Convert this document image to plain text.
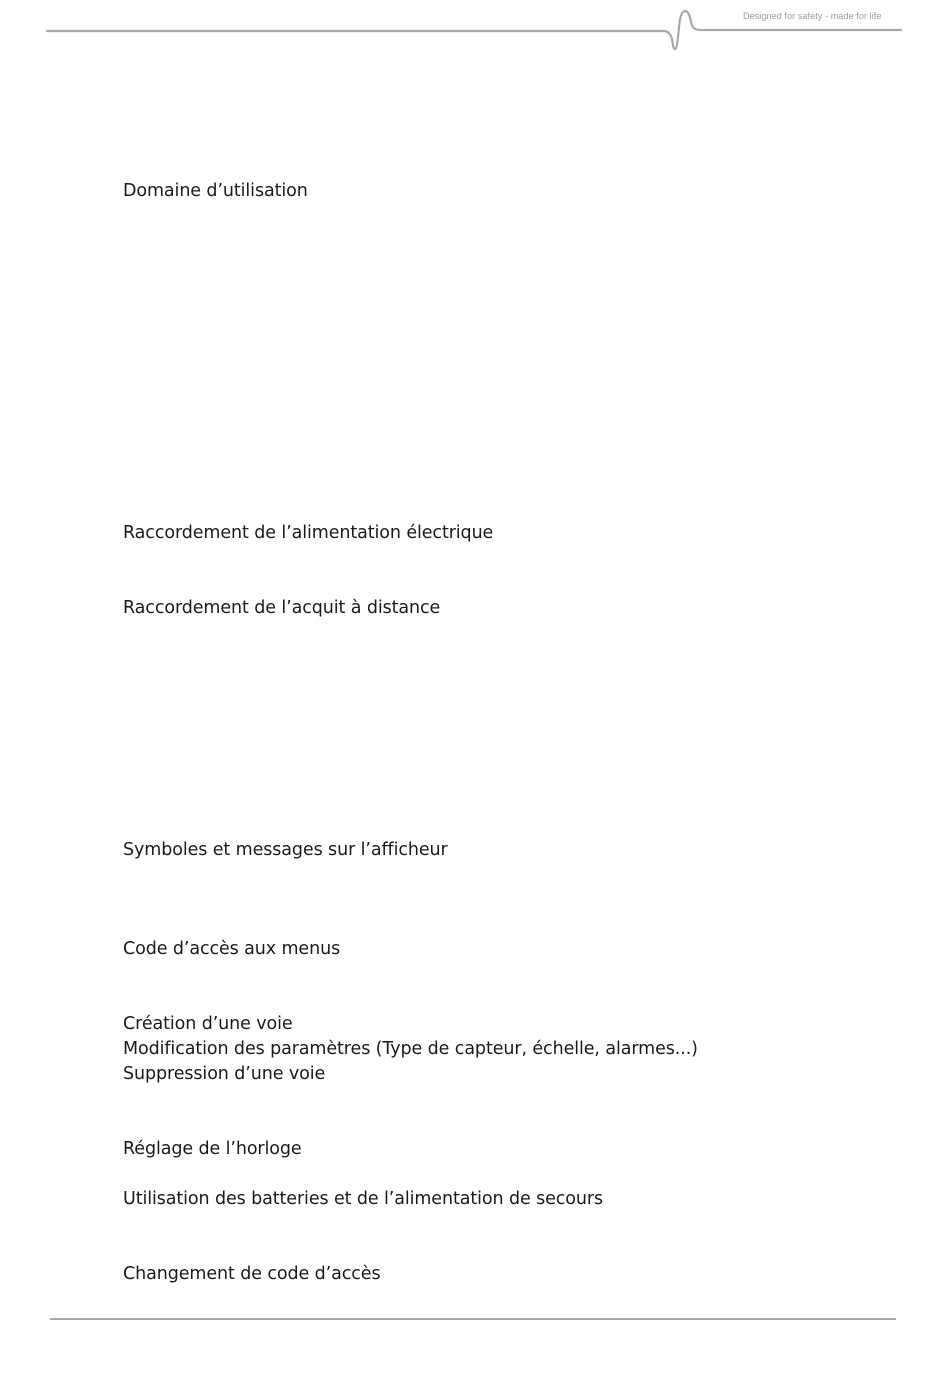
Designed for safety - made for life
Domaine d’utilisation
Raccordement de l’alimentation électrique
Raccordement de l’acquit à distance
Symboles et messages sur l’afficheur
Code d’accès aux menus
Création d’une voie
Modification des paramètres (Type de capteur, échelle, alarmes...)
Suppression d’une voie
Réglage de l’horloge
Utilisation des batteries et de l’alimentation de secours
Changement de code d’accès
